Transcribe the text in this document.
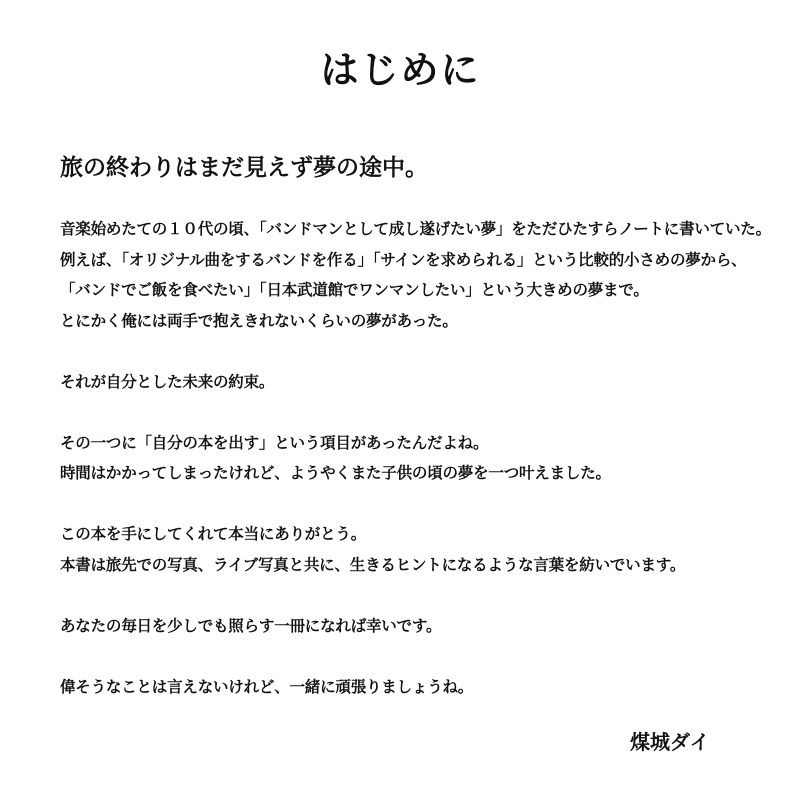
はじめに
旅の終わりはまだ見えず夢の途中。

音楽始めたての１０代の頃、「バンドマンとして成し遂げたい夢」をただひたすらノートに書いていた。
例えば、「オリジナル曲をするバンドを作る」「サインを求められる」という比較的小さめの夢から、
「バンドでご飯を食べたい」「日本武道館でワンマンしたい」という大きめの夢まで。
とにかく俺には両手で抱えきれないくらいの夢があった。

それが自分とした未来の約束。

その一つに「自分の本を出す」という項目があったんだよね。
時間はかかってしまったけれど、ようやくまた子供の頃の夢を一つ叶えました。

この本を手にしてくれて本当にありがとう。
本書は旅先での写真、ライブ写真と共に、生きるヒントになるような言葉を紡いでいます。

あなたの毎日を少しでも照らす一冊になれば幸いです。

偉そうなことは言えないけれど、一緒に頑張りましょうね。

煤城ダイ
